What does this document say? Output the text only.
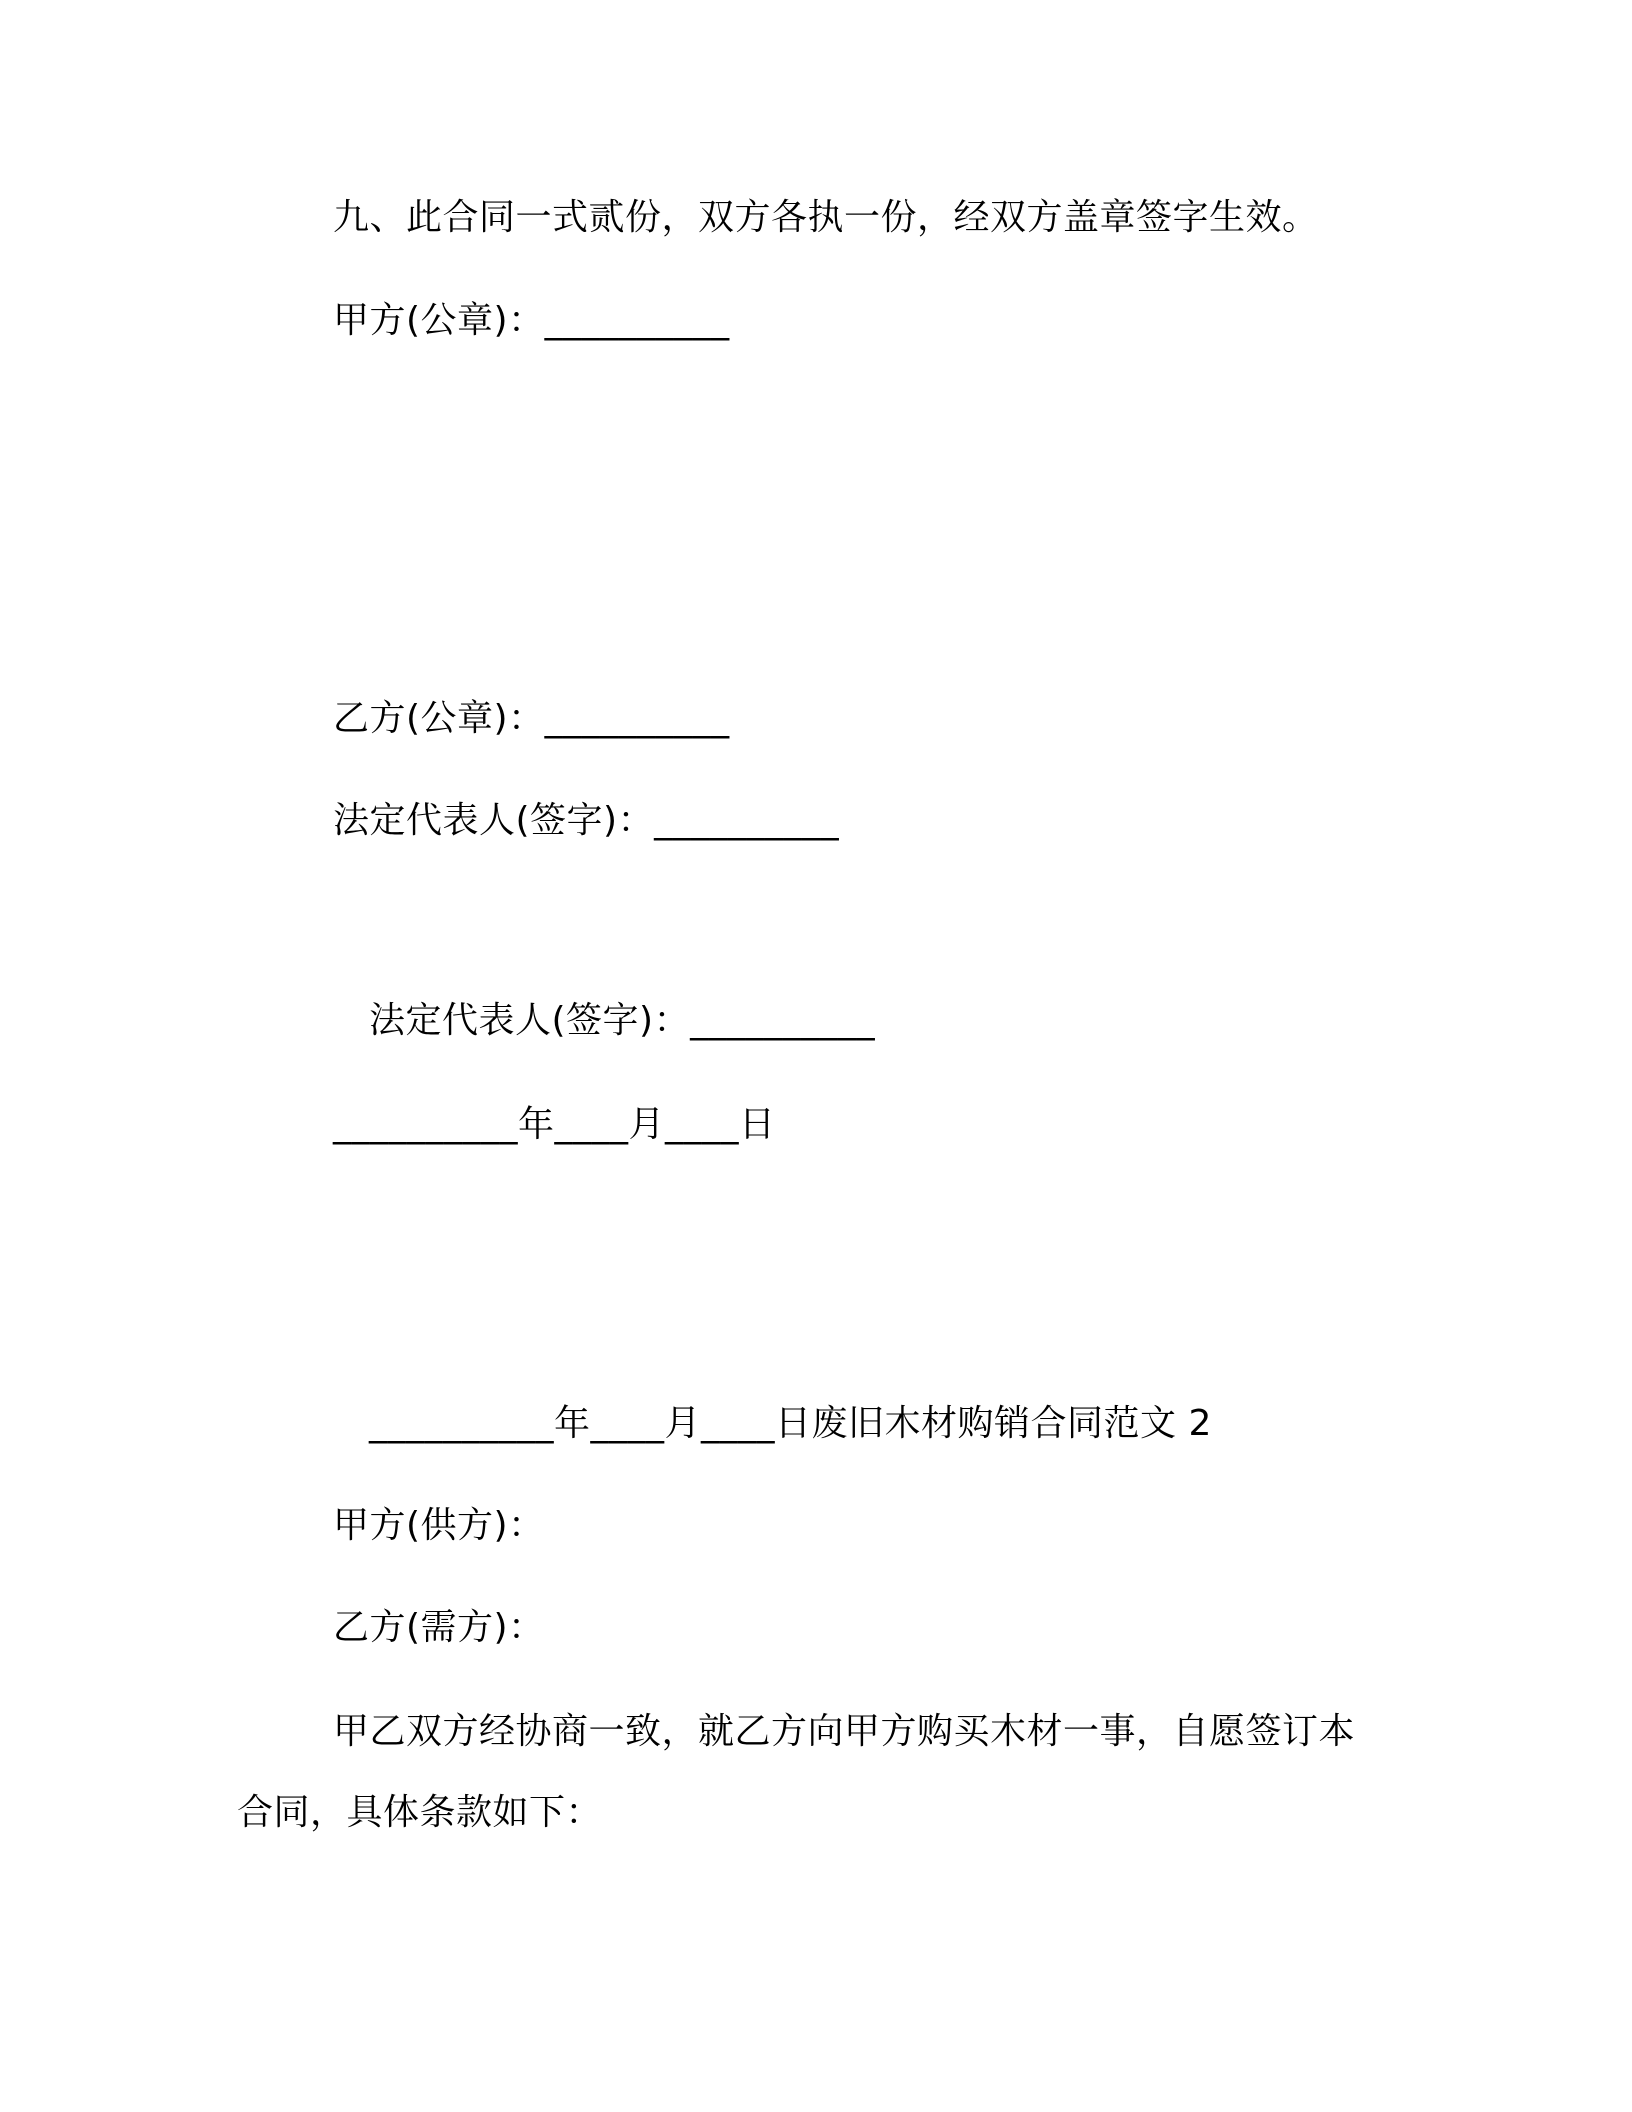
九、此合同一式贰份，双方各执一份，经双方盖章签字生效。
甲方(公章)：__________
乙方(公章)：__________
法定代表人(签字)：__________
法定代表人(签字)：__________
__________年____月____日
__________年____月____日废旧木材购销合同范文 2
甲方(供方)：
乙方(需方)：
甲乙双方经协商一致，就乙方向甲方购买木材一事，自愿签订本
合同，具体条款如下：
